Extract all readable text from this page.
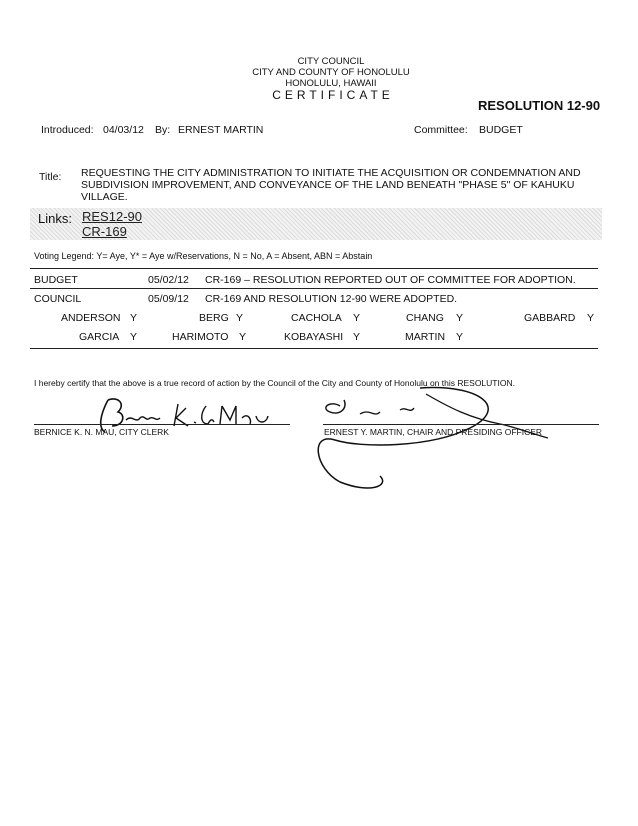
CITY COUNCIL
CITY AND COUNTY OF HONOLULU
HONOLULU, HAWAII
CERTIFICATE
RESOLUTION 12-90
Introduced: 04/03/12 By: ERNEST MARTIN	Committee: BUDGET
Title: REQUESTING THE CITY ADMINISTRATION TO INITIATE THE ACQUISITION OR CONDEMNATION AND SUBDIVISION IMPROVEMENT, AND CONVEYANCE OF THE LAND BENEATH "PHASE 5" OF KAHUKU VILLAGE.
Links: RES12-90
CR-169
Voting Legend: Y= Aye, Y* = Aye w/Reservations, N = No, A = Absent, ABN = Abstain
BUDGET	05/02/12 CR-169 – RESOLUTION REPORTED OUT OF COMMITTEE FOR ADOPTION.
COUNCIL	05/09/12 CR-169 AND RESOLUTION 12-90 WERE ADOPTED.
ANDERSON Y	BERG Y	CACHOLA Y	CHANG Y	GABBARD Y
GARCIA Y	HARIMOTO Y	KOBAYASHI Y	MARTIN Y
I hereby certify that the above is a true record of action by the Council of the City and County of Honolulu on this RESOLUTION.
BERNICE K. N. MAU, CITY CLERK	ERNEST Y. MARTIN, CHAIR AND PRESIDING OFFICER
